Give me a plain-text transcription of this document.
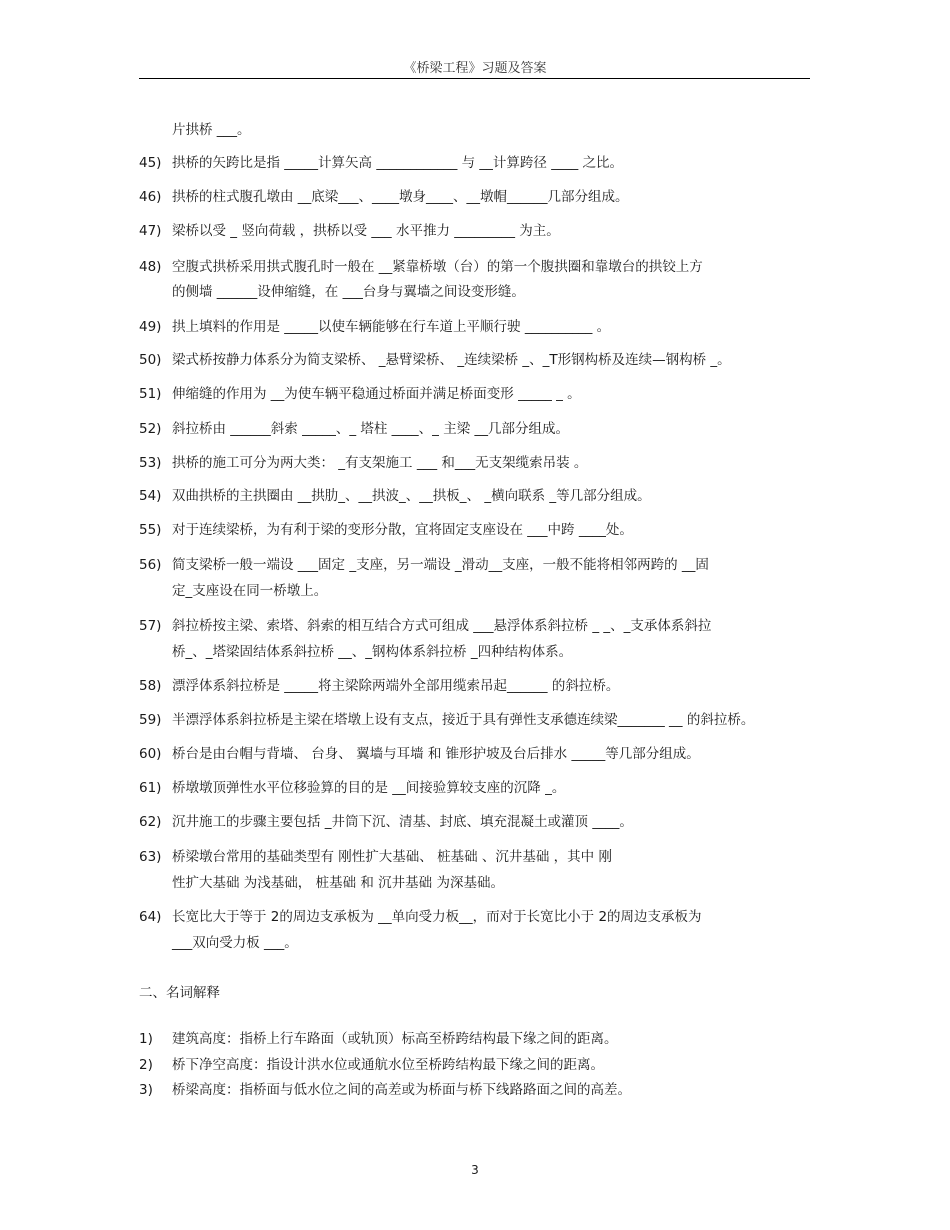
《桥梁工程》习题及答案
片拱桥 ___。
45) 拱桥的矢跨比是指 _____计算矢高 ____________ 与 __计算跨径 ____ 之比。
46) 拱桥的柱式腹孔墩由 __底梁___、____墩身____、__墩帽______几部分组成。
47) 梁桥以受 _ 竖向荷载 ，拱桥以受 ___ 水平推力 _________ 为主。
48) 空腹式拱桥采用拱式腹孔时一般在 __紧靠桥墩（台）的第一个腹拱圈和靠墩台的拱铰上方
的侧墙 ______设伸缩缝，在 ___台身与翼墙之间设变形缝。
49) 拱上填料的作用是 _____以使车辆能够在行车道上平顺行驶 __________ 。
50) 梁式桥按静力体系分为简支梁桥、 _悬臂梁桥、 _连续梁桥 _、_T形钢构桥及连续—钢构桥 _。
51) 伸缩缝的作用为 __为使车辆平稳通过桥面并满足桥面变形 _____ _ 。
52) 斜拉桥由 ______斜索 _____、_ 塔柱 ____、_ 主梁 __几部分组成。
53) 拱桥的施工可分为两大类： _有支架施工 ___ 和___无支架缆索吊装 。
54) 双曲拱桥的主拱圈由 __拱肋_、__拱波_、__拱板_、 _横向联系 _等几部分组成。
55) 对于连续梁桥，为有利于梁的变形分散，宜将固定支座设在 ___中跨 ____处。
56) 简支梁桥一般一端设 ___固定 _支座，另一端设 _滑动__支座，一般不能将相邻两跨的 __固
定_支座设在同一桥墩上。
57) 斜拉桥按主梁、索塔、斜索的相互结合方式可组成 ___悬浮体系斜拉桥 _ _、_支承体系斜拉
桥_、_塔梁固结体系斜拉桥 __、_钢构体系斜拉桥 _四种结构体系。
58) 漂浮体系斜拉桥是 _____将主梁除两端外全部用缆索吊起______ 的斜拉桥。
59) 半漂浮体系斜拉桥是主梁在塔墩上设有支点，接近于具有弹性支承德连续梁_______ __ 的斜拉桥。
60) 桥台是由台帽与背墙、 台身、 翼墙与耳墙 和 锥形护坡及台后排水 _____等几部分组成。
61) 桥墩墩顶弹性水平位移验算的目的是 __间接验算较支座的沉降 _。
62) 沉井施工的步骤主要包括 _井筒下沉、清基、封底、填充混凝土或灌顶 ____。
63) 桥梁墩台常用的基础类型有 刚性扩大基础、 桩基础 、沉井基础 ，其中 刚
性扩大基础 为浅基础， 桩基础 和 沉井基础 为深基础。
64) 长宽比大于等于 2的周边支承板为 __单向受力板__，而对于长宽比小于 2的周边支承板为
___双向受力板 ___。
二、名词解释
1)	建筑高度：指桥上行车路面（或轨顶）标高至桥跨结构最下缘之间的距离。
2)	桥下净空高度：指设计洪水位或通航水位至桥跨结构最下缘之间的距离。
3)	桥梁高度：指桥面与低水位之间的高差或为桥面与桥下线路路面之间的高差。
3
